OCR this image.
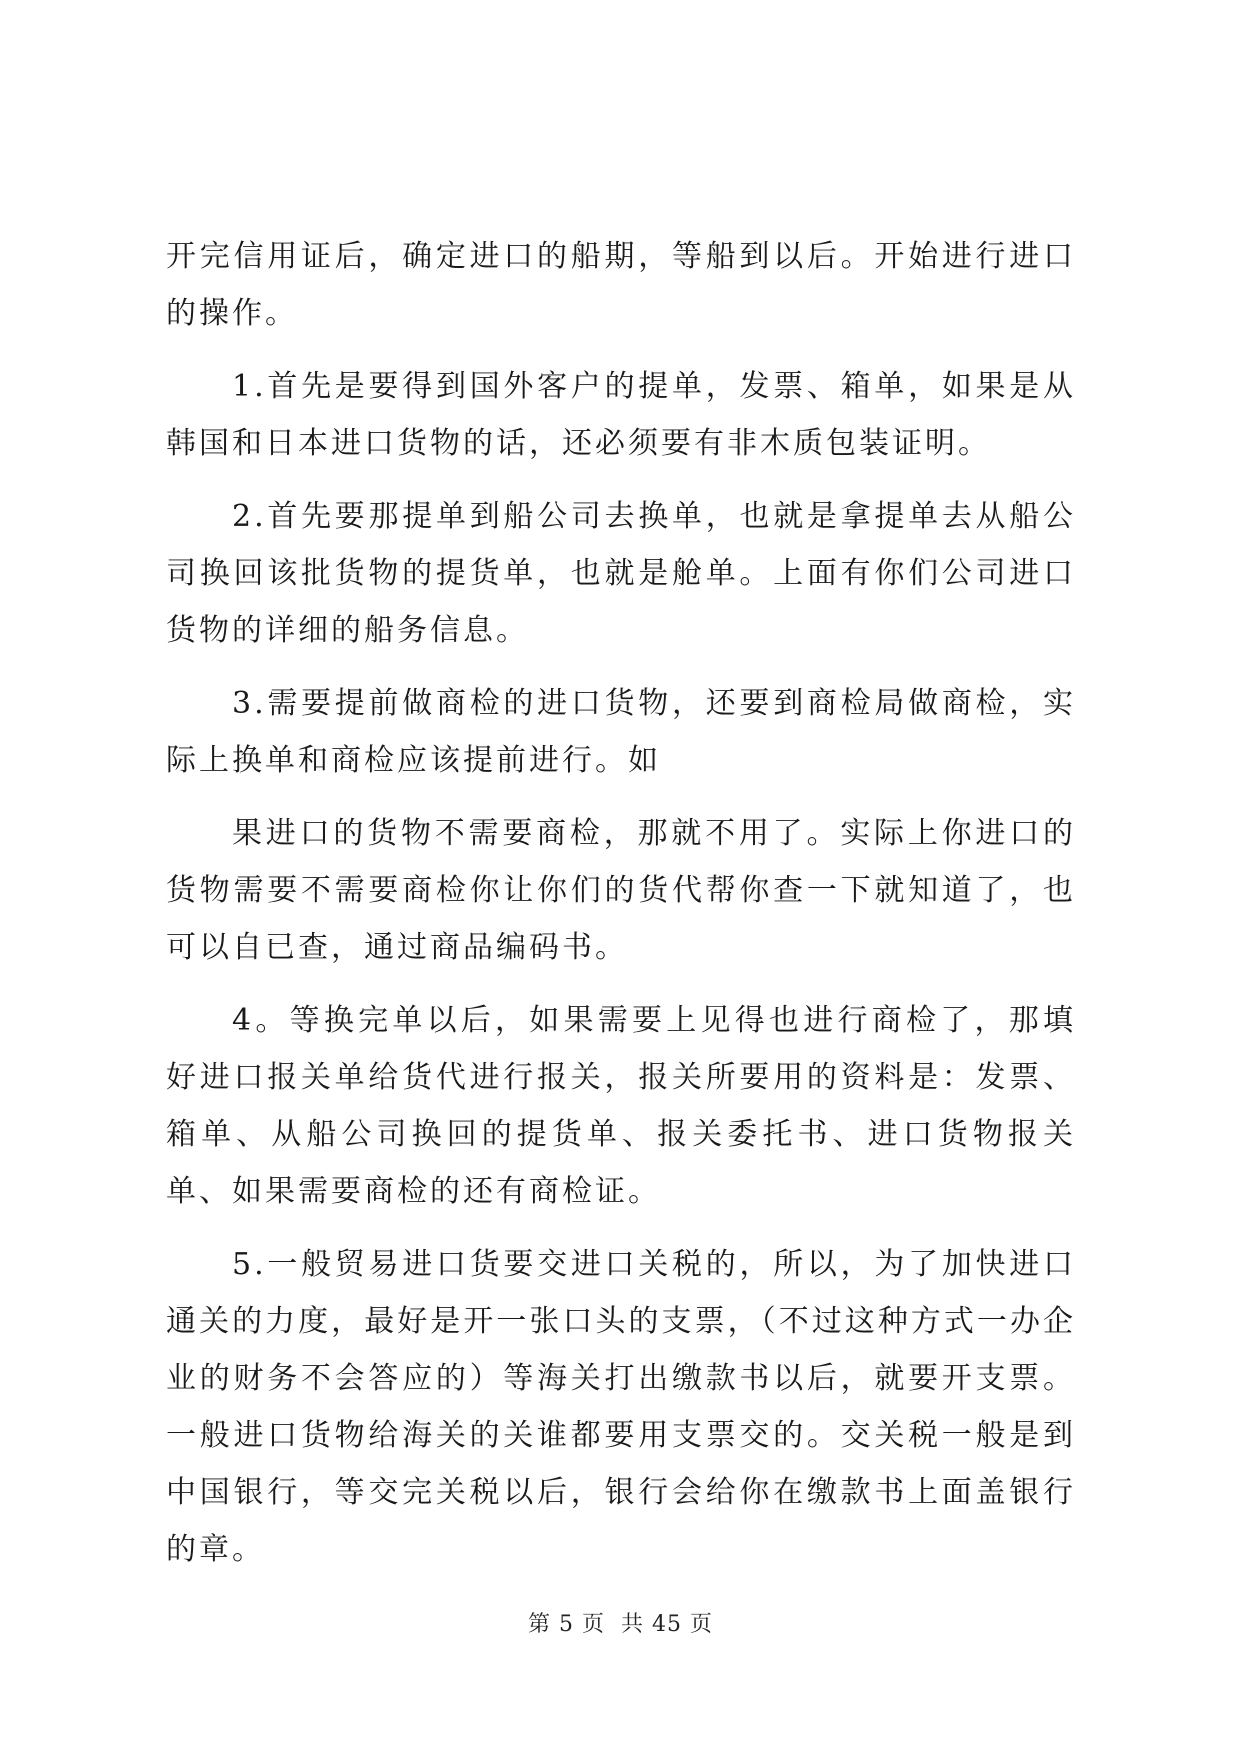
开完信用证后，确定进口的船期，等船到以后。开始进行进口的操作。
1.首先是要得到国外客户的提单，发票、箱单，如果是从韩国和日本进口货物的话，还必须要有非木质包装证明。
2.首先要那提单到船公司去换单，也就是拿提单去从船公司换回该批货物的提货单，也就是舱单。上面有你们公司进口货物的详细的船务信息。
3.需要提前做商检的进口货物，还要到商检局做商检，实际上换单和商检应该提前进行。如
果进口的货物不需要商检，那就不用了。实际上你进口的货物需要不需要商检你让你们的货代帮你查一下就知道了，也可以自已查，通过商品编码书。
4。等换完单以后，如果需要上见得也进行商检了，那填好进口报关单给货代进行报关，报关所要用的资料是：发票、箱单、从船公司换回的提货单、报关委托书、进口货物报关单、如果需要商检的还有商检证。
5.一般贸易进口货要交进口关税的，所以，为了加快进口通关的力度，最好是开一张口头的支票，（不过这种方式一办企业的财务不会答应的）等海关打出缴款书以后，就要开支票。一般进口货物给海关的关谁都要用支票交的。交关税一般是到中国银行，等交完关税以后，银行会给你在缴款书上面盖银行的章。
第 5 页  共 45 页
